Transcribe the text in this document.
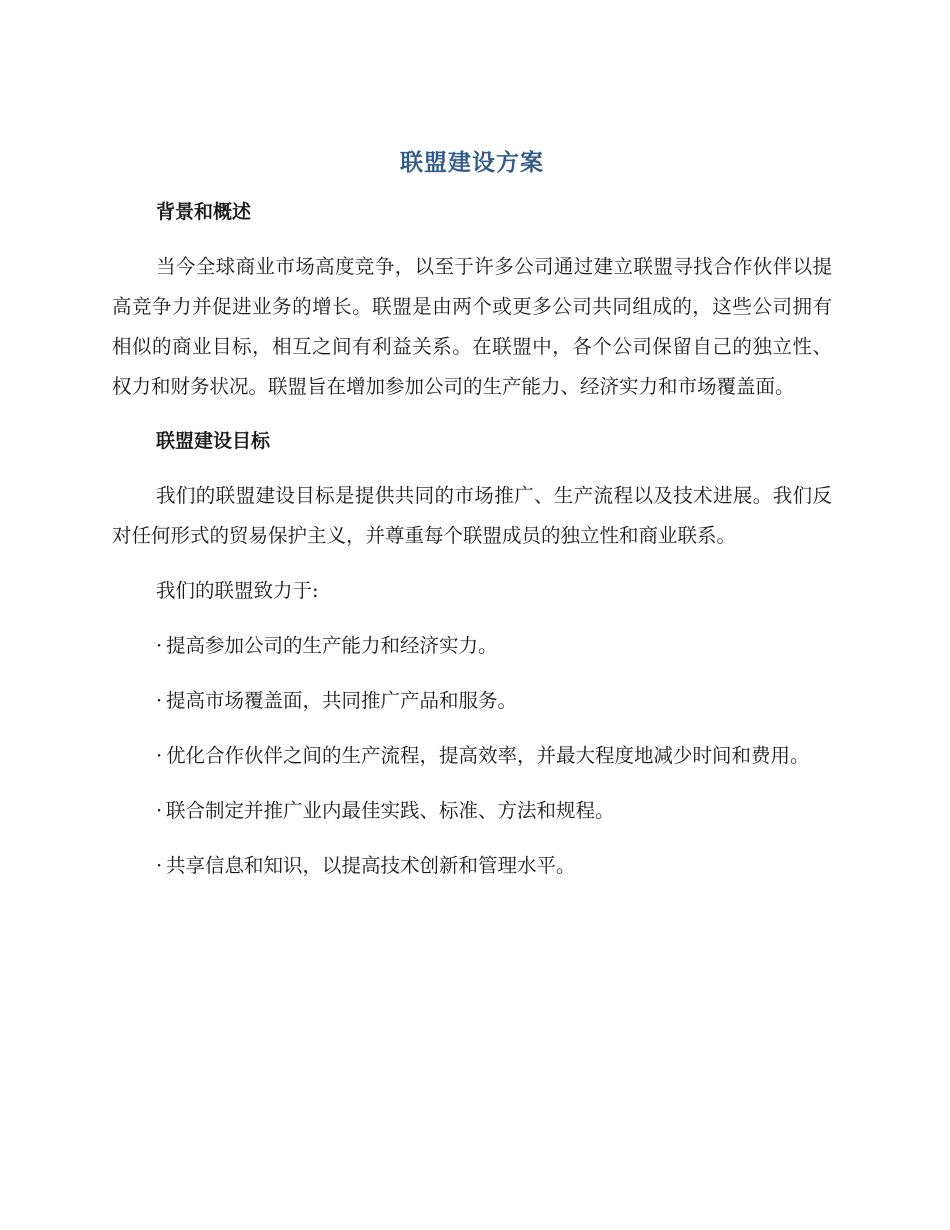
联盟建设方案
背景和概述

当今全球商业市场高度竞争，以至于许多公司通过建立联盟寻找合作伙伴以提高竞争力并促进业务的增长。联盟是由两个或更多公司共同组成的，这些公司拥有相似的商业目标，相互之间有利益关系。在联盟中，各个公司保留自己的独立性、权力和财务状况。联盟旨在增加参加公司的生产能力、经济实力和市场覆盖面。

联盟建设目标

我们的联盟建设目标是提供共同的市场推广、生产流程以及技术进展。我们反对任何形式的贸易保护主义，并尊重每个联盟成员的独立性和商业联系。

我们的联盟致力于:

· 提高参加公司的生产能力和经济实力。

· 提高市场覆盖面，共同推广产品和服务。

· 优化合作伙伴之间的生产流程，提高效率，并最大程度地减少时间和费用。

· 联合制定并推广业内最佳实践、标准、方法和规程。

· 共享信息和知识，以提高技术创新和管理水平。
